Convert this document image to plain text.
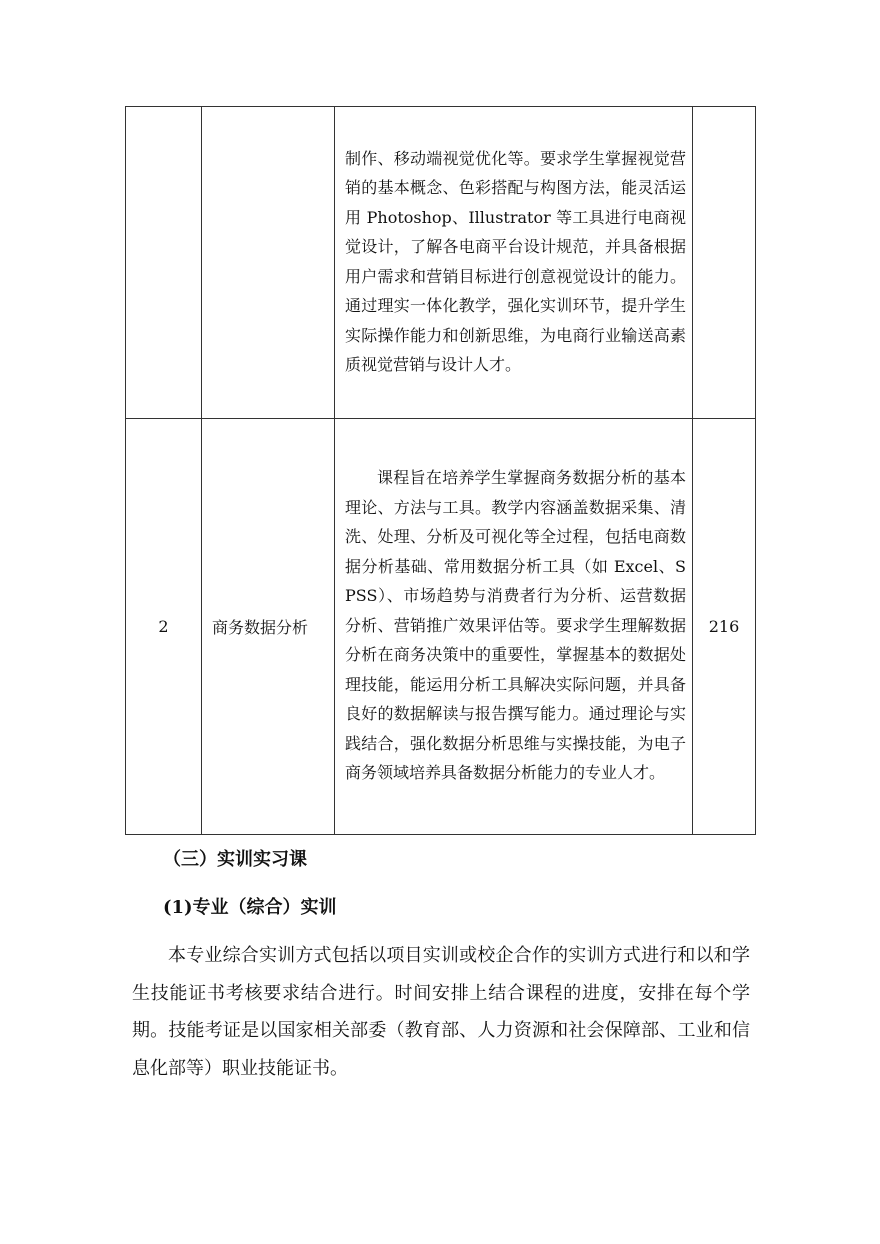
		制作、移动端视觉优化等。要求学生掌握视觉营销的基本概念、色彩搭配与构图方法，能灵活运用 Photoshop、Illustrator 等工具进行电商视觉设计，了解各电商平台设计规范，并具备根据用户需求和营销目标进行创意视觉设计的能力。通过理实一体化教学，强化实训环节，提升学生实际操作能力和创新思维，为电商行业输送高素质视觉营销与设计人才。	

2	商务数据分析	课程旨在培养学生掌握商务数据分析的基本理论、方法与工具。教学内容涵盖数据采集、清洗、处理、分析及可视化等全过程，包括电商数据分析基础、常用数据分析工具（如 Excel、SPSS）、市场趋势与消费者行为分析、运营数据分析、营销推广效果评估等。要求学生理解数据分析在商务决策中的重要性，掌握基本的数据处理技能，能运用分析工具解决实际问题，并具备良好的数据解读与报告撰写能力。通过理论与实践结合，强化数据分析思维与实操技能，为电子商务领域培养具备数据分析能力的专业人才。	216
（三）实训实习课
(1)专业（综合）实训

本专业综合实训方式包括以项目实训或校企合作的实训方式进行和以和学生技能证书考核要求结合进行。时间安排上结合课程的进度，安排在每个学期。技能考证是以国家相关部委（教育部、人力资源和社会保障部、工业和信息化部等）职业技能证书。
